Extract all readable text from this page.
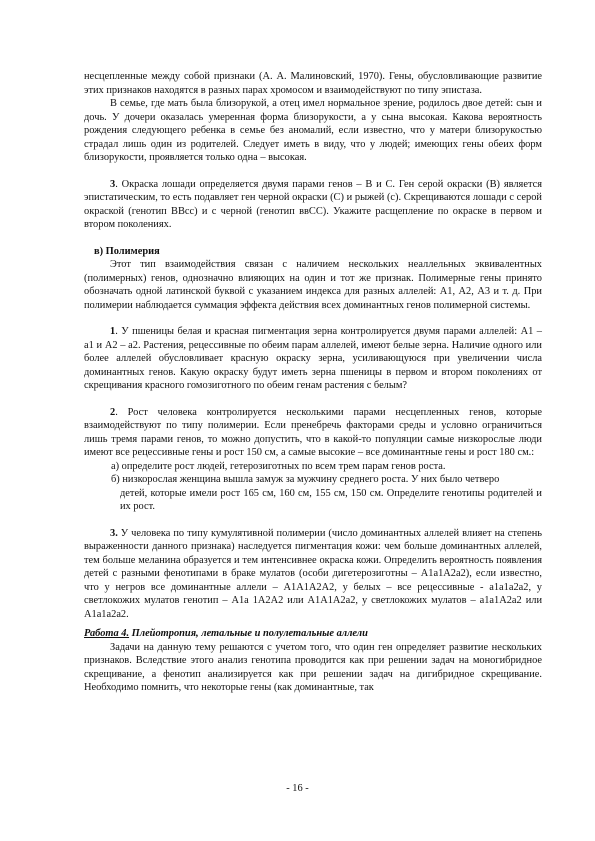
несцепленные между собой признаки (А. А. Малиновский, 1970). Гены, обусловливающие развитие этих признаков находятся в разных парах хромосом и взаимодействуют по типу эпистаза.

В семье, где мать была близорукой, а отец имел нормальное зрение, родилось двое детей: сын и дочь. У дочери оказалась умеренная форма близорукости, а у сына высокая. Какова вероятность рождения следующего ребенка в семье без аномалий, если известно, что у матери близорукостью страдал лишь один из родителей. Следует иметь в виду, что у людей; имеющих гены обеих форм близорукости, проявляется только одна – высокая.

3. Окраска лошади определяется двумя парами генов – В и С. Ген серой окраски (В) является эпистатическим, то есть подавляет ген черной окраски (С) и рыжей (с). Скрещиваются лошади с серой окраской (генотип ВВсс) и с черной (генотип ввСС). Укажите расщепление по окраске в первом и втором поколениях.

в) Полимерия

Этот тип взаимодействия связан с наличием нескольких неаллельных эквивалентных (полимерных) генов, однозначно влияющих на один и тот же признак. Полимерные гены принято обозначать одной латинской буквой с указанием индекса для разных аллелей: А1, А2, А3 и т. д. При полимерии наблюдается суммация эффекта действия всех доминантных генов полимерной системы.

1. У пшеницы белая и красная пигментация зерна контролируется двумя парами аллелей: А1 – а1 и А2 – а2. Растения, рецессивные по обеим парам аллелей, имеют белые зерна. Наличие одного или более аллелей обусловливает красную окраску зерна, усиливающуюся при увеличении числа доминантных генов. Какую окраску будут иметь зерна пшеницы в первом и втором поколениях от скрещивания красного гомозиготного по обеим генам растения с белым?

2. Рост человека контролируется несколькими парами несцепленных генов, которые взаимодействуют по типу полимерии. Если пренебречь факторами среды и условно ограничиться лишь тремя парами генов, то можно допустить, что в какой-то популяции самые низкорослые люди имеют все рецессивные гены и рост 150 см, а самые высокие – все доминантные гены и рост 180 см.:

а) определите рост людей, гетерозиготных по всем трем парам генов роста.

б) низкорослая женщина вышла замуж за мужчину среднего роста. У них было четверо

детей, которые имели рост 165 см, 160 см, 155 см, 150 см. Определите генотипы родителей и их рост.

3. У человека по типу кумулятивной полимерии (число доминантных аллелей влияет на степень выраженности данного признака) наследуется пигментация кожи: чем больше доминантных аллелей, тем больше меланина образуется и тем интенсивнее окраска кожи. Определить вероятность появления детей с разными фенотипами в браке мулатов (особи дигетерозиготны – А1а1А2а2), если известно, что у негров все доминантные аллели – А1А1А2А2, у белых – все рецессивные - а1а1а2а2, у светлокожих мулатов генотип – А1а 1А2А2 или А1А1А2а2, у светлокожих мулатов – а1а1А2а2 или А1а1а2а2.

Работа 4. Плейотропия, летальные и полулетальные аллели

Задачи на данную тему решаются с учетом того, что один ген определяет развитие нескольких признаков. Вследствие этого анализ генотипа проводится как при решении задач на моногибридное скрещивание, а фенотип анализируется как при решении задач на дигибридное скрещивание. Необходимо помнить, что некоторые гены (как доминантные, так

- 16 -
